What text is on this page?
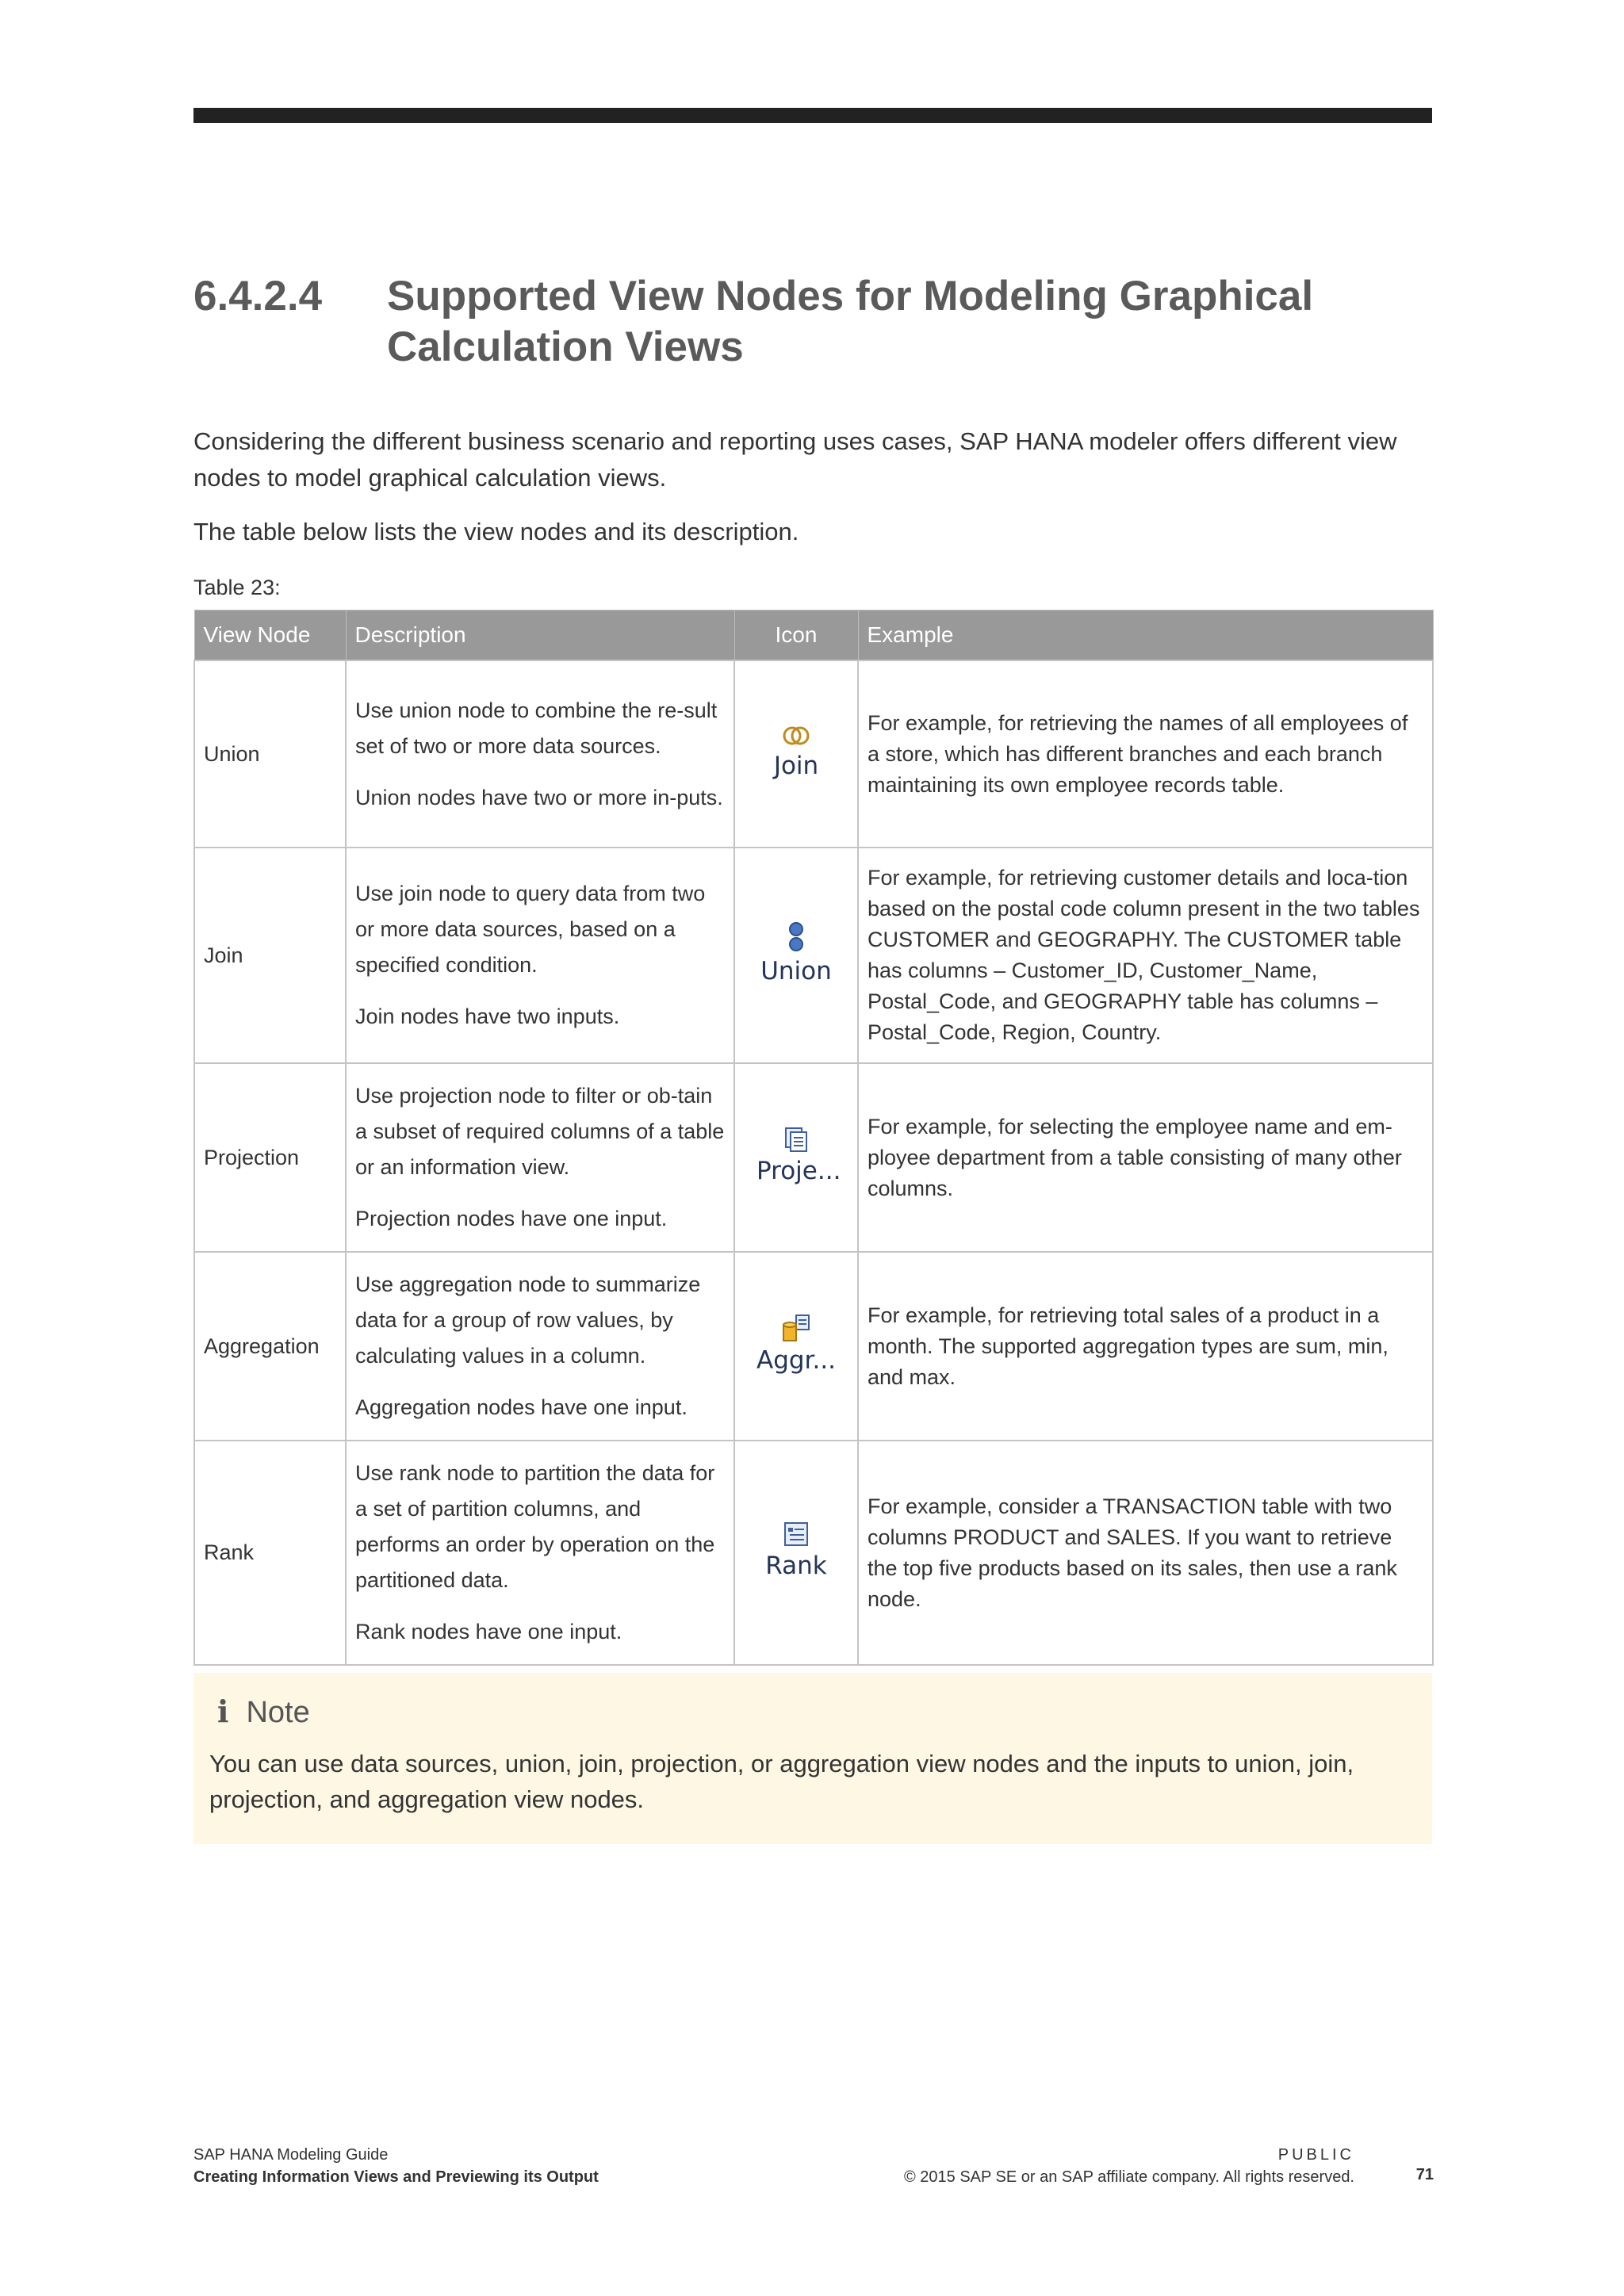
6.4.2.4 Supported View Nodes for Modeling Graphical Calculation Views

Considering the different business scenario and reporting uses cases, SAP HANA modeler offers different view nodes to model graphical calculation views.

The table below lists the view nodes and its description.

Table 23:
View Node	Description	Icon	Example
Union	Use union node to combine the re-sult set of two or more data sources.

Union nodes have two or more in-puts.	Join	For example, for retrieving the names of all employees of a store, which has different branches and each branch maintaining its own employee records table.
Join	Use join node to query data from two or more data sources, based on a specified condition.

Join nodes have two inputs.	Union	For example, for retrieving customer details and loca-tion based on the postal code column present in the two tables CUSTOMER and GEOGRAPHY. The CUSTOMER table has columns – Customer_ID, Customer_Name, Postal_Code, and GEOGRAPHY table has columns – Postal_Code, Region, Country.
Projection	Use projection node to filter or ob-tain a subset of required columns of a table or an information view.

Projection nodes have one input.	Proje...	For example, for selecting the employee name and em-ployee department from a table consisting of many other columns.
Aggregation	Use aggregation node to summarize data for a group of row values, by calculating values in a column.

Aggregation nodes have one input.	Aggr...	For example, for retrieving total sales of a product in a month. The supported aggregation types are sum, min, and max.
Rank	Use rank node to partition the data for a set of partition columns, and performs an order by operation on the partitioned data.

Rank nodes have one input.	Rank	For example, consider a TRANSACTION table with two columns PRODUCT and SALES. If you want to retrieve the top five products based on its sales, then use a rank node.
i Note
You can use data sources, union, join, projection, or aggregation view nodes and the inputs to union, join, projection, and aggregation view nodes.
SAP HANA Modeling Guide
Creating Information Views and Previewing its Output
PUBLIC
© 2015 SAP SE or an SAP affiliate company. All rights reserved.	71
